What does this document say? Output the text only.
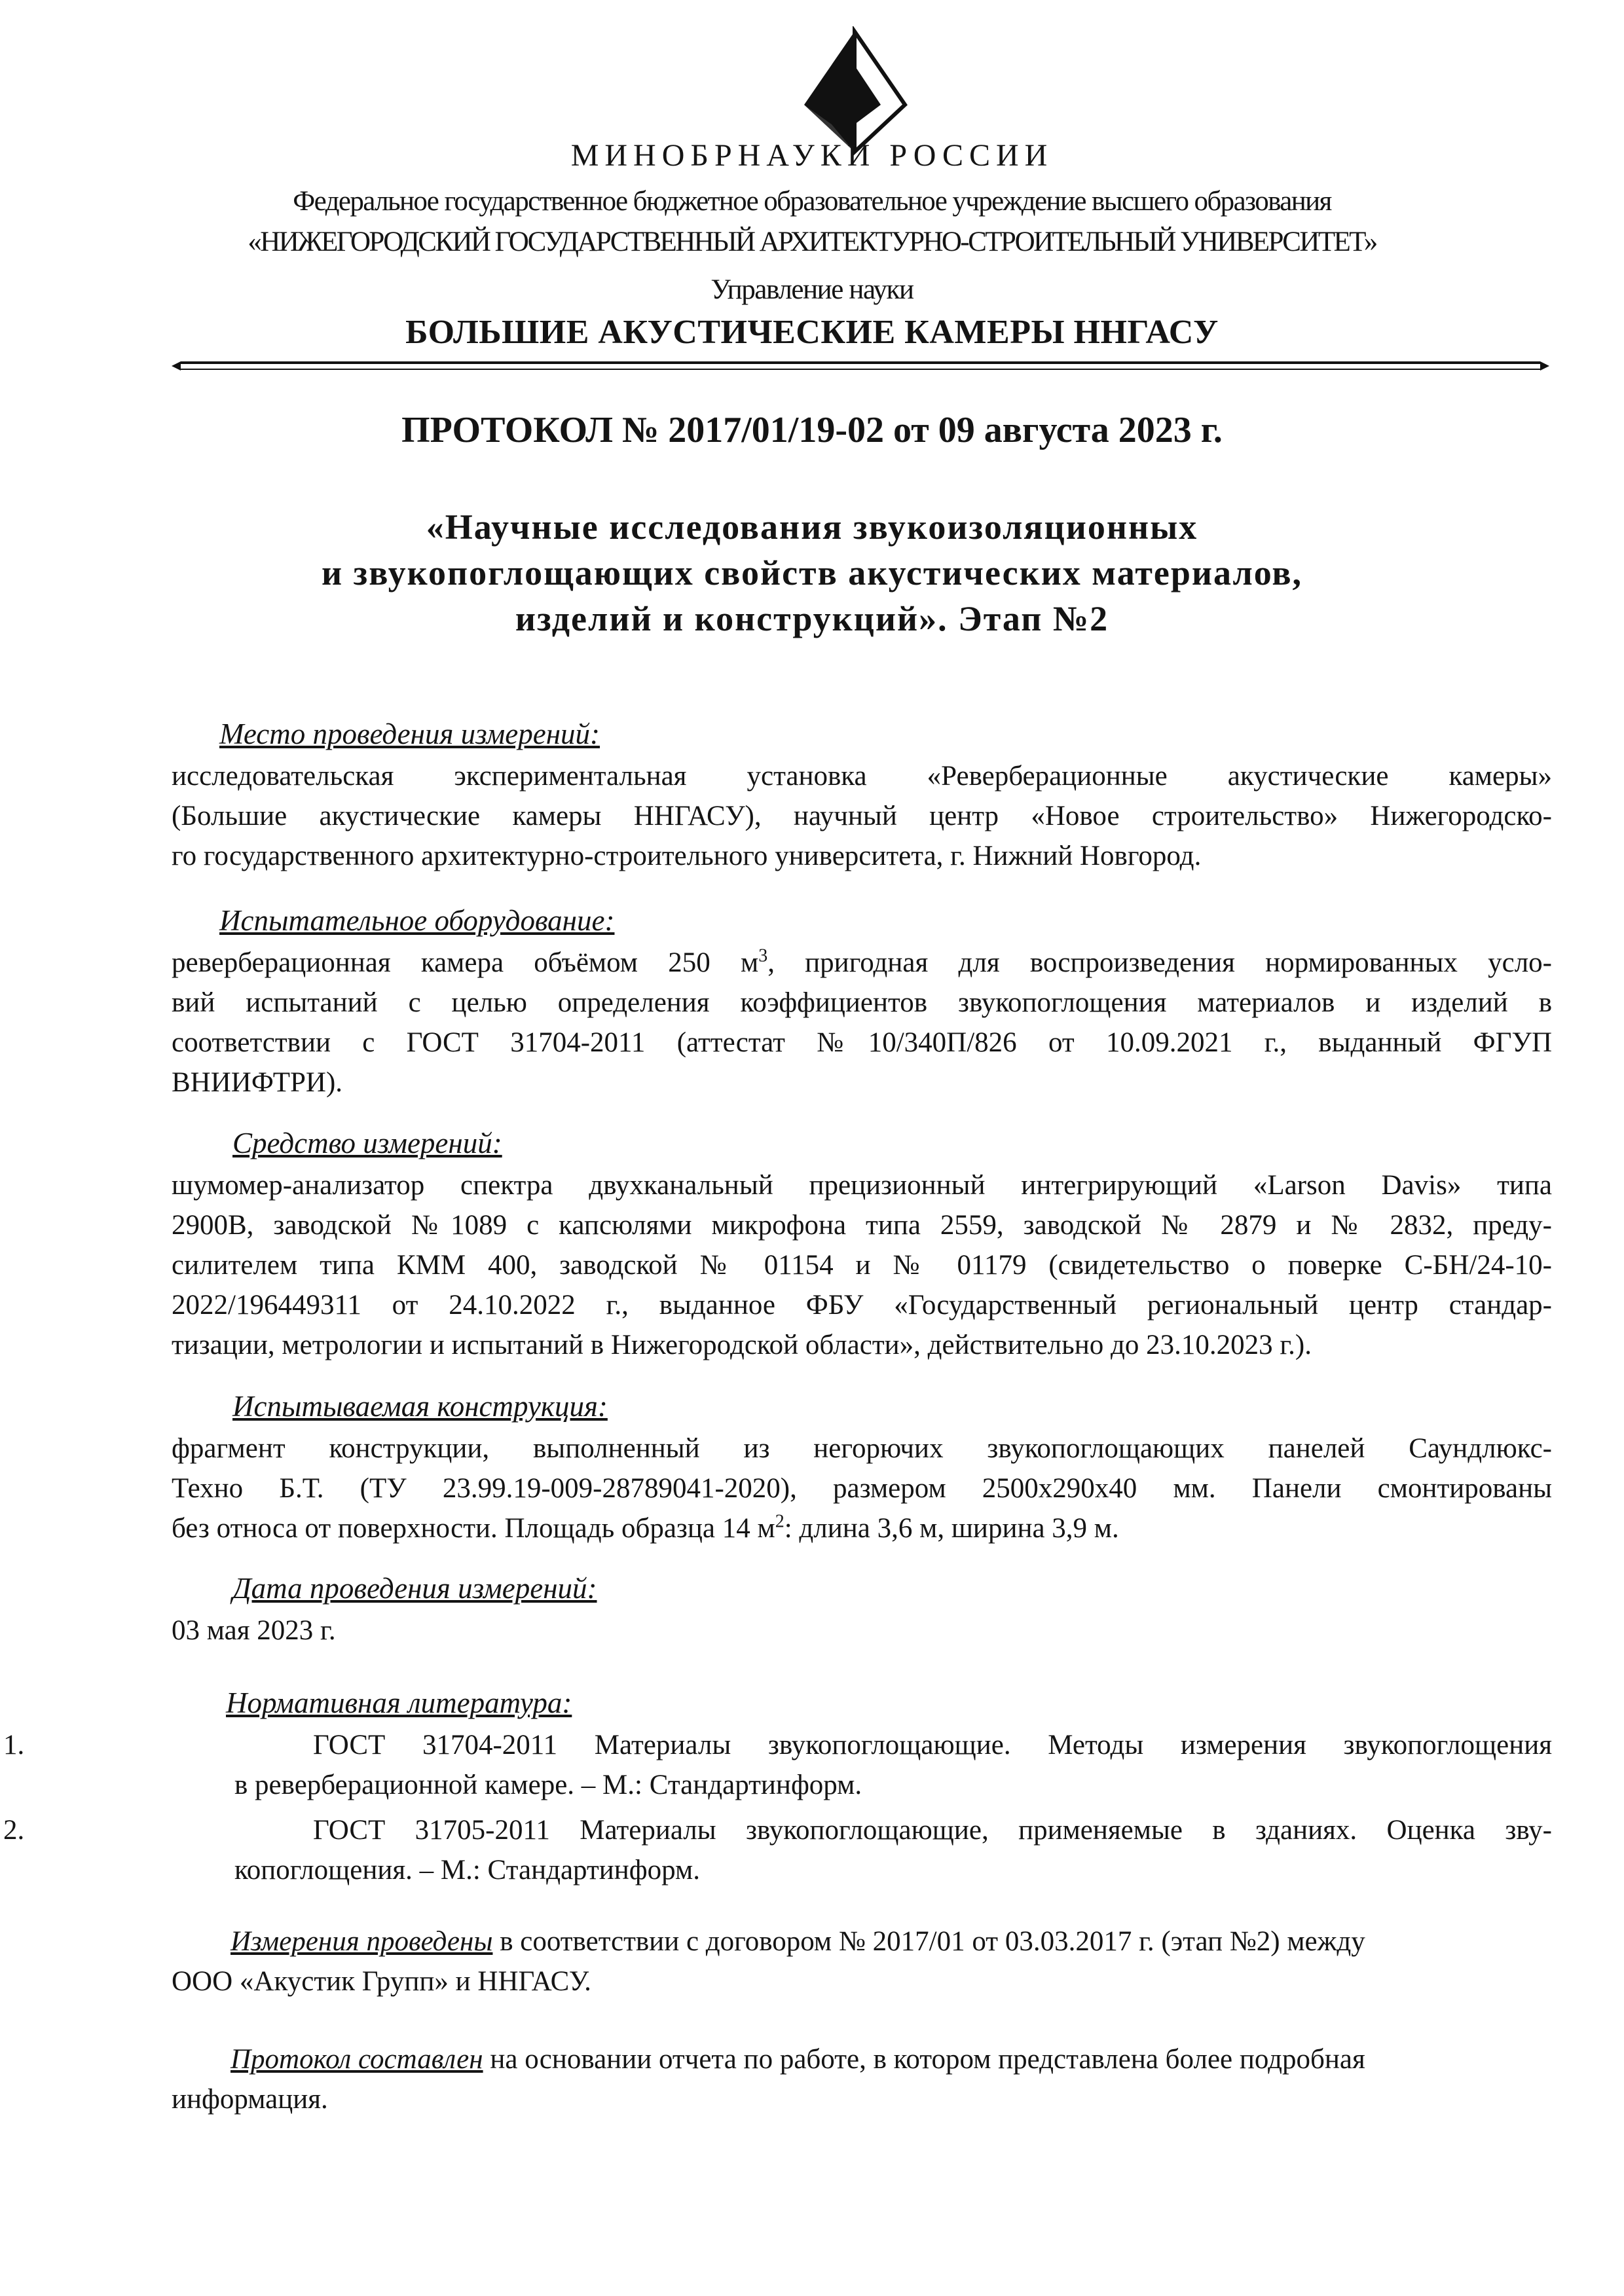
МИНОБРНАУКИ РОССИИ
Федеральное государственное бюджетное образовательное учреждение высшего образования
«НИЖЕГОРОДСКИЙ ГОСУДАРСТВЕННЫЙ АРХИТЕКТУРНО-СТРОИТЕЛЬНЫЙ УНИВЕРСИТЕТ»
Управление науки
БОЛЬШИЕ АКУСТИЧЕСКИЕ КАМЕРЫ ННГАСУ
ПРОТОКОЛ № 2017/01/19-02 от 09 августа 2023 г.
«Научные исследования звукоизоляционных
и звукопоглощающих свойств акустических материалов,
изделий и конструкций». Этап №2
Место проведения измерений:
исследовательская экспериментальная установка «Реверберационные акустические камеры»
(Большие акустические камеры ННГАСУ), научный центр «Новое строительство» Нижегородско-
го государственного архитектурно-строительного университета, г. Нижний Новгород.
Испытательное оборудование:
реверберационная камера объёмом 250 $м^3$, пригодная для воспроизведения нормированных усло-
вий испытаний с целью определения коэффициентов звукопоглощения материалов и изделий в
соответствии с ГОСТ 31704-2011 (аттестат №10/340П/826 от 10.09.2021 г., выданный ФГУП
ВНИИФТРИ).
Средство измерений:
шумомер-анализатор спектра двухканальный прецизионный интегрирующий «Larson Davis» типа
2900B, заводской №1089 с капсюлями микрофона типа 2559, заводской № 2879 и № 2832, преду-
силителем типа КММ 400, заводской № 01154 и № 01179 (свидетельство о поверке С-БН/24-10-
2022/196449311 от 24.10.2022 г., выданное ФБУ «Государственный региональный центр стандар-
тизации, метрологии и испытаний в Нижегородской области», действительно до 23.10.2023 г.).
Испытываемая конструкция:
фрагмент конструкции, выполненный из негорючих звукопоглощающих панелей Саундлюкс-
Техно Б.Т. (ТУ 23.99.19-009-28789041-2020), размером 2500х290х40 мм. Панели смонтированы
без относа от поверхности. Площадь образца 14 $м^2$: длина 3,6 м, ширина 3,9 м.
Дата проведения измерений:
03 мая 2023 г.
Нормативная литература:
1.	ГОСТ 31704-2011 Материалы звукопоглощающие. Методы измерения звукопоглощения
в реверберационной камере. – М.: Стандартинформ.
2.	ГОСТ 31705-2011 Материалы звукопоглощающие, применяемые в зданиях. Оценка зву-
копоглощения. – М.: Стандартинформ.
Измерения проведены в соответствии с договором № 2017/01 от 03.03.2017 г. (этап №2) между
ООО «Акустик Групп» и ННГАСУ.
Протокол составлен на основании отчета по работе, в котором представлена более подробная
информация.
